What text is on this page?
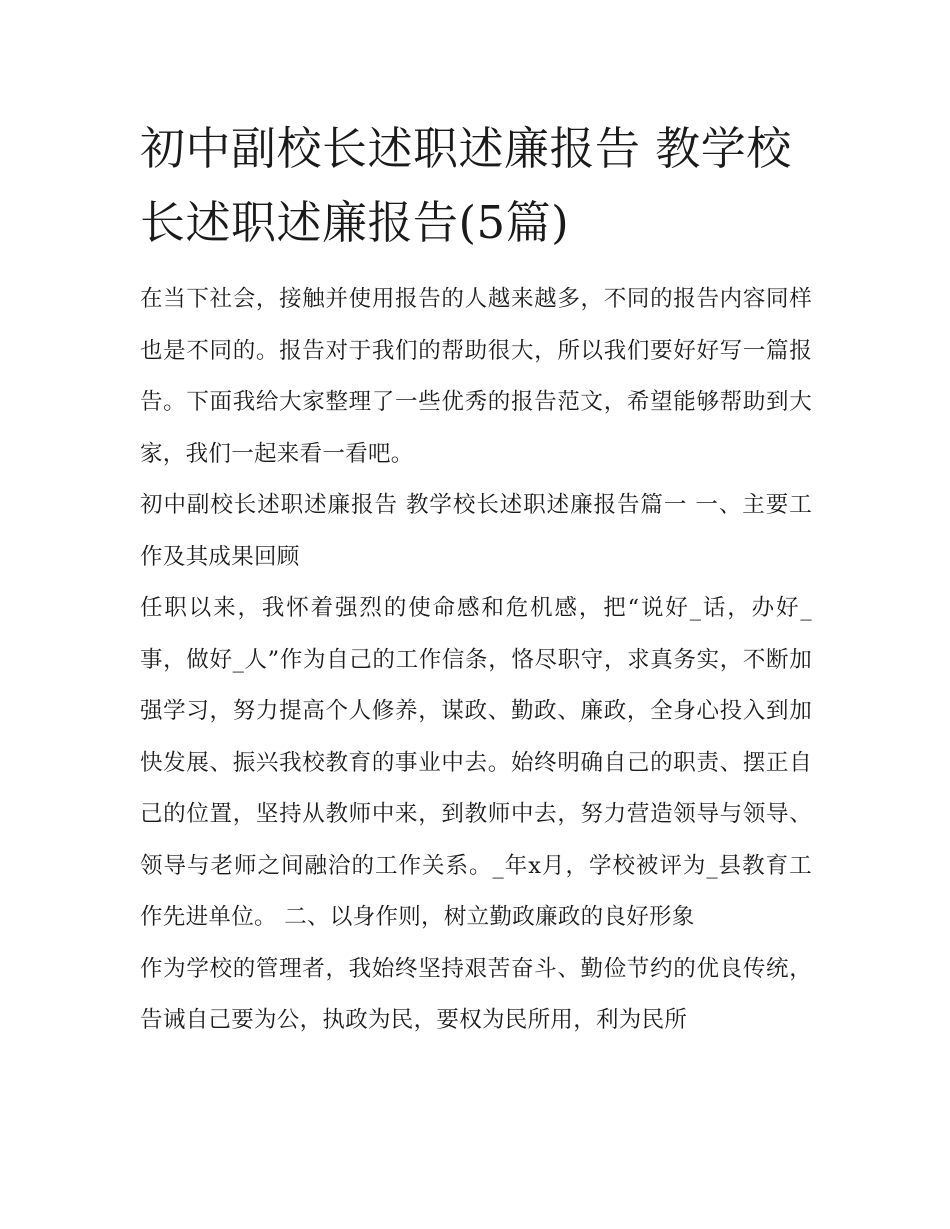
初中副校长述职述廉报告 教学校长述职述廉报告(5篇)

在当下社会，接触并使用报告的人越来越多，不同的报告内容同样也是不同的。报告对于我们的帮助很大，所以我们要好好写一篇报告。下面我给大家整理了一些优秀的报告范文，希望能够帮助到大家，我们一起来看一看吧。

初中副校长述职述廉报告 教学校长述职述廉报告篇一 一、主要工作及其成果回顾

任职以来，我怀着强烈的使命感和危机感，把“说好_话，办好_事，做好_人”作为自己的工作信条，恪尽职守，求真务实，不断加强学习，努力提高个人修养，谋政、勤政、廉政，全身心投入到加快发展、振兴我校教育的事业中去。始终明确自己的职责、摆正自己的位置，坚持从教师中来，到教师中去，努力营造领导与领导、领导与老师之间融洽的工作关系。_年x月，学校被评为_县教育工作先进单位。 二、以身作则，树立勤政廉政的良好形象

作为学校的管理者，我始终坚持艰苦奋斗、勤俭节约的优良传统，告诫自己要为公，执政为民，要权为民所用，利为民所
